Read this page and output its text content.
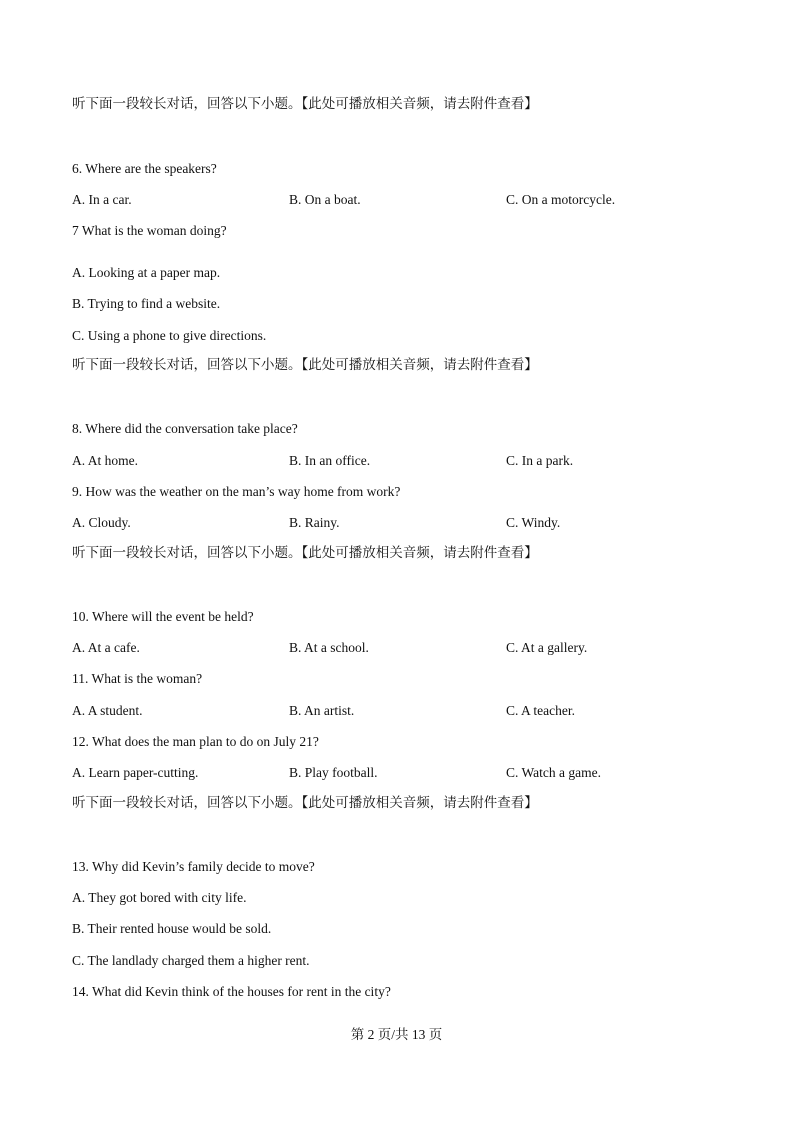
听下面一段较长对话，回答以下小题。【此处可播放相关音频，请去附件查看】
6. Where are the speakers?
A. In a car.	B. On a boat.	C. On a motorcycle.
7 What is the woman doing?
A. Looking at a paper map.
B. Trying to find a website.
C. Using a phone to give directions.
听下面一段较长对话，回答以下小题。【此处可播放相关音频，请去附件查看】
8. Where did the conversation take place?
A. At home.	B. In an office.	C. In a park.
9. How was the weather on the man’s way home from work?
A. Cloudy.	B. Rainy.	C. Windy.
听下面一段较长对话，回答以下小题。【此处可播放相关音频，请去附件查看】
10. Where will the event be held?
A. At a cafe.	B. At a school.	C. At a gallery.
11. What is the woman?
A. A student.	B. An artist.	C. A teacher.
12. What does the man plan to do on July 21?
A. Learn paper-cutting.	B. Play football.	C. Watch a game.
听下面一段较长对话，回答以下小题。【此处可播放相关音频，请去附件查看】
13. Why did Kevin’s family decide to move?
A. They got bored with city life.
B. Their rented house would be sold.
C. The landlady charged them a higher rent.
14. What did Kevin think of the houses for rent in the city?
第 2 页/共 13 页
